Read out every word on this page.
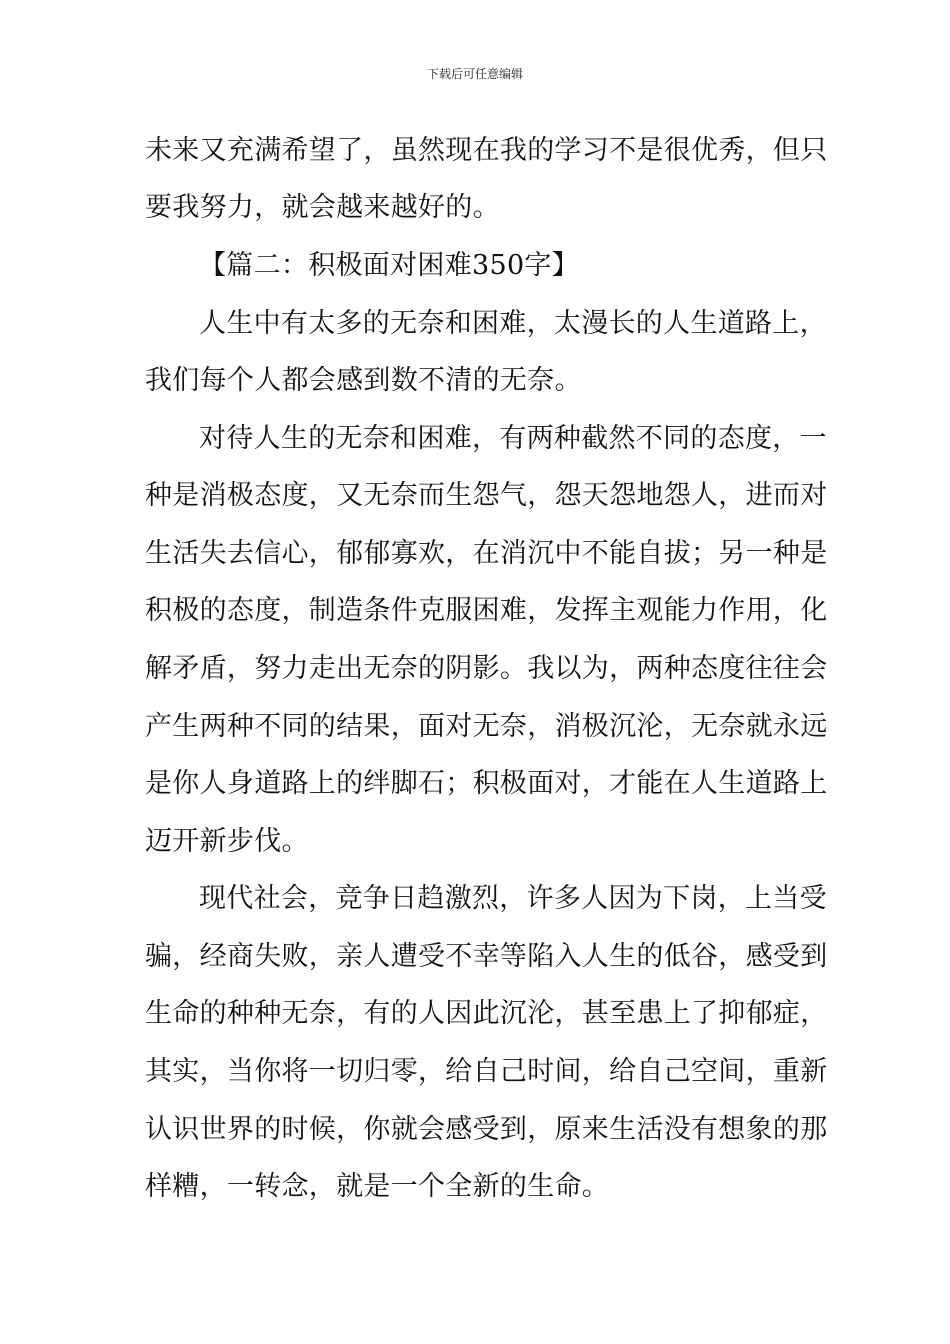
下载后可任意编辑
未来又充满希望了，虽然现在我的学习不是很优秀，但只
要我努力，就会越来越好的。
【篇二：积极面对困难350字】
人生中有太多的无奈和困难，太漫长的人生道路上，
我们每个人都会感到数不清的无奈。
对待人生的无奈和困难，有两种截然不同的态度，一
种是消极态度，又无奈而生怨气，怨天怨地怨人，进而对
生活失去信心，郁郁寡欢，在消沉中不能自拔；另一种是
积极的态度，制造条件克服困难，发挥主观能力作用，化
解矛盾，努力走出无奈的阴影。我以为，两种态度往往会
产生两种不同的结果，面对无奈，消极沉沦，无奈就永远
是你人身道路上的绊脚石；积极面对，才能在人生道路上
迈开新步伐。
现代社会，竞争日趋激烈，许多人因为下岗，上当受
骗，经商失败，亲人遭受不幸等陷入人生的低谷，感受到
生命的种种无奈，有的人因此沉沦，甚至患上了抑郁症，
其实，当你将一切归零，给自己时间，给自己空间，重新
认识世界的时候，你就会感受到，原来生活没有想象的那
样糟，一转念，就是一个全新的生命。
